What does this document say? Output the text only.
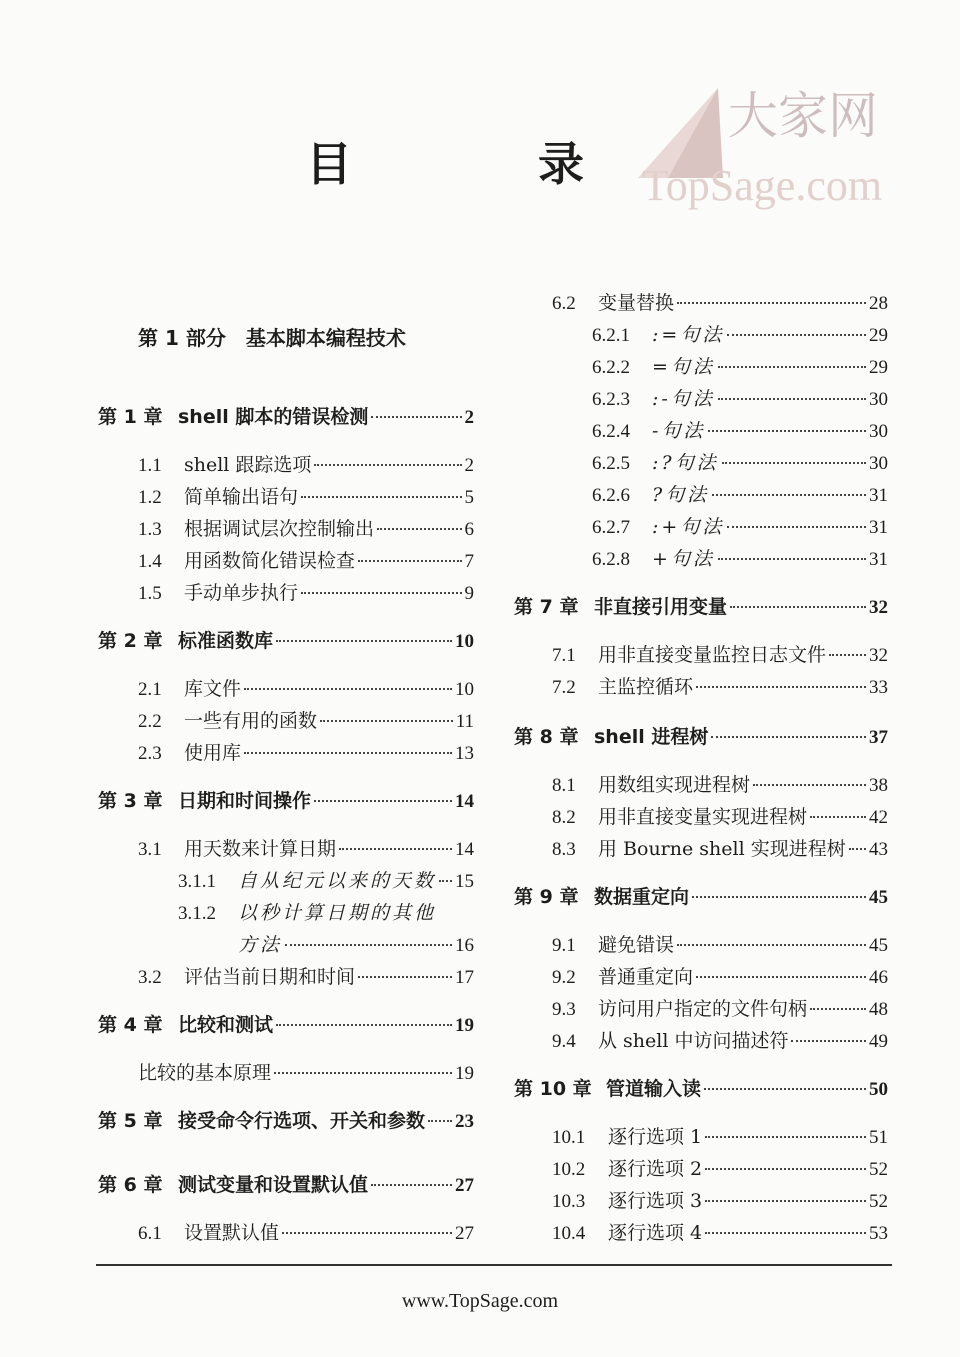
大家网
TopSage.com
目　录
第 1 部分　基本脚本编程技术
第 1 章 shell 脚本的错误检测	2
1.1	shell 跟踪选项	2
1.2	简单输出语句	5
1.3	根据调试层次控制输出	6
1.4	用函数简化错误检查	7
1.5	手动单步执行	9
第 2 章 标准函数库	10
2.1	库文件	10
2.2	一些有用的函数	11
2.3	使用库	13
第 3 章 日期和时间操作	14
3.1	用天数来计算日期	14
3.1.1	自从纪元以来的天数 15
3.1.2	以秒计算日期的其他
方法	16
3.2	评估当前日期和时间	17
第 4 章 比较和测试	19
比较的基本原理	19
第 5 章 接受命令行选项、开关和参数 23
第 6 章 测试变量和设置默认值	27
6.1	设置默认值	27
6.2	变量替换	28
6.2.1	:=句法	29
6.2.2	=句法	29
6.2.3	:-句法	30
6.2.4	-句法	30
6.2.5	:?句法	30
6.2.6	?句法	31
6.2.7	:+句法	31
6.2.8	+句法	31
第 7 章 非直接引用变量	32
7.1	用非直接变量监控日志文件 32
7.2	主监控循环	33
第 8 章 shell 进程树	37
8.1	用数组实现进程树	38
8.2	用非直接变量实现进程树	42
8.3	用 Bourne shell 实现进程树 43
第 9 章 数据重定向	45
9.1	避免错误	45
9.2	普通重定向	46
9.3	访问用户指定的文件句柄	48
9.4	从 shell 中访问描述符	49
第 10 章 管道输入读	50
10.1	逐行选项 1	51
10.2	逐行选项 2	52
10.3	逐行选项 3	52
10.4	逐行选项 4	53
www.TopSage.com
